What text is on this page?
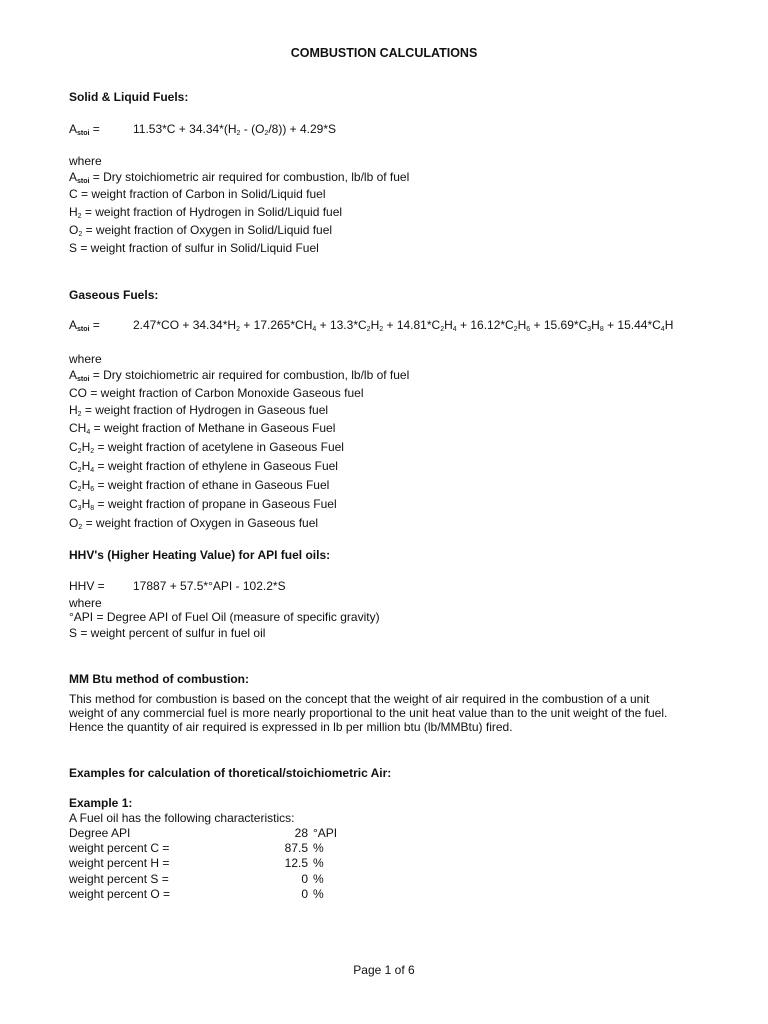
COMBUSTION CALCULATIONS
Solid & Liquid Fuels:
$A_{stoi}$ =	$11.53*C + 34.34*(H_2 - (O_2/8)) + 4.29*S$
where
$A_{stoi}$ = Dry stoichiometric air required for combustion, lb/lb of fuel
C = weight fraction of Carbon in Solid/Liquid fuel
$H_2$ = weight fraction of Hydrogen in Solid/Liquid fuel
$O_2$ = weight fraction of Oxygen in Solid/Liquid fuel
S = weight fraction of sulfur in Solid/Liquid Fuel
Gaseous Fuels:
$A_{stoi}$ =	$2.47*CO + 34.34*H_2 + 17.265*CH_4 + 13.3*C_2H_2 + 14.81*C_2H_4 + 16.12*C_2H_6 + 15.69*C_3H_8 + 15.44*C_4H$
where
$A_{stoi}$ = Dry stoichiometric air required for combustion, lb/lb of fuel
CO = weight fraction of Carbon Monoxide Gaseous fuel
$H_2$ = weight fraction of Hydrogen in Gaseous fuel
$CH_4$ = weight fraction of Methane in Gaseous Fuel
$C_2H_2$ = weight fraction of acetylene in Gaseous Fuel
$C_2H_4$ = weight fraction of ethylene in Gaseous Fuel
$C_2H_6$ = weight fraction of ethane in Gaseous Fuel
$C_3H_8$ = weight fraction of propane in Gaseous Fuel
$O_2$ = weight fraction of Oxygen in Gaseous fuel
HHV's (Higher Heating Value) for API fuel oils:
HHV = 17887 + 57.5*°API - 102.2*S
where
°API = Degree API of Fuel Oil (measure of specific gravity)
S = weight percent of sulfur in fuel oil
MM Btu method of combustion:
This method for combustion is based on the concept that the weight of air required in the combustion of a unit
weight of any commercial fuel is more nearly proportional to the unit heat value than to the unit weight of the fuel.
Hence the quantity of air required is expressed in lb per million btu (lb/MMBtu) fired.
Examples for calculation of thoretical/stoichiometric Air:
Example 1:
A Fuel oil has the following characteristics:
Degree API	28 °API
weight percent C =	87.5 %
weight percent H =	12.5 %
weight percent S =	0 %
weight percent O =	0 %
Page 1 of 6
